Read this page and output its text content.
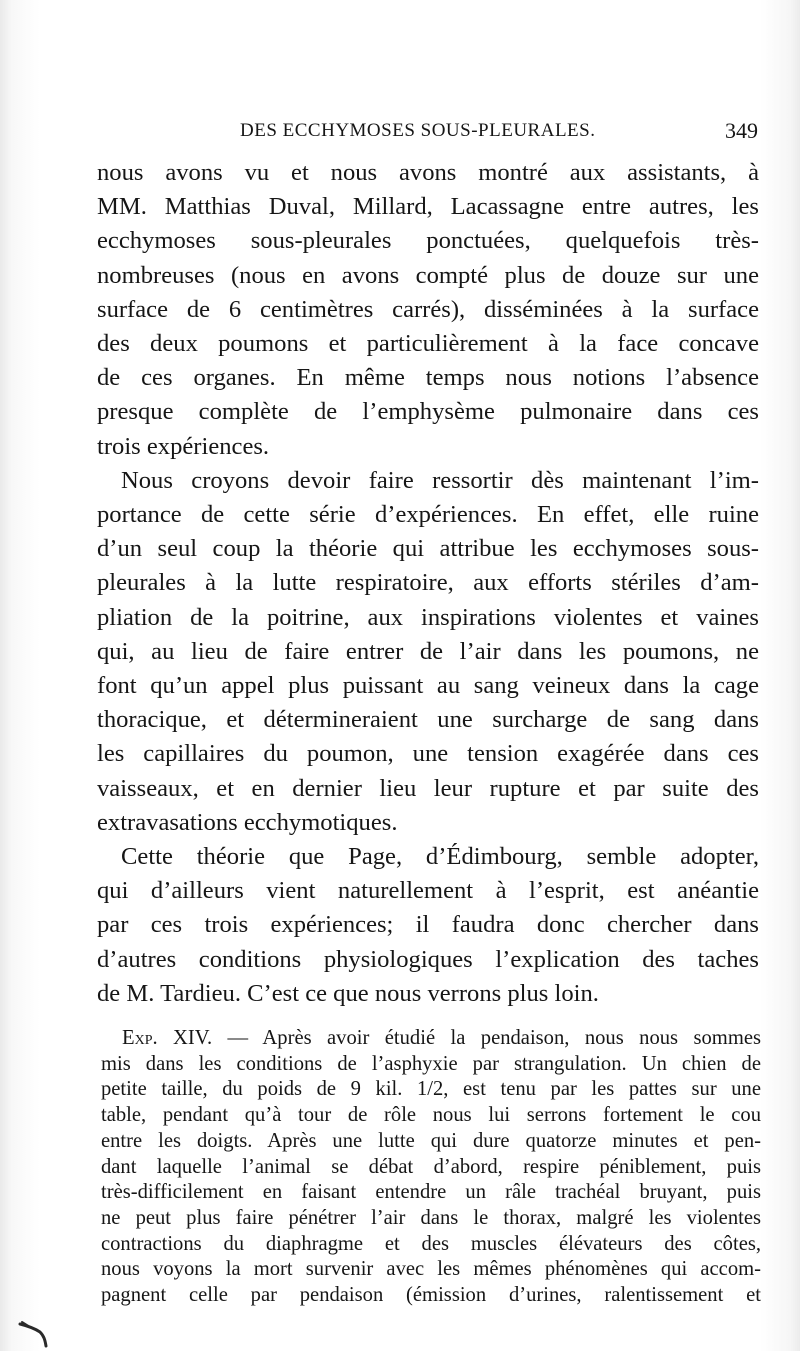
DES ECCHYMOSES SOUS-PLEURALES.	349
nous avons vu et nous avons montré aux assistants, à
MM. Matthias Duval, Millard, Lacassagne entre autres, les
ecchymoses sous-pleurales ponctuées, quelquefois très-
nombreuses (nous en avons compté plus de douze sur une
surface de 6 centimètres carrés), disséminées à la surface
des deux poumons et particulièrement à la face concave
de ces organes. En même temps nous notions l’absence
presque complète de l’emphysème pulmonaire dans ces
trois expériences.
Nous croyons devoir faire ressortir dès maintenant l’im-
portance de cette série d’expériences. En effet, elle ruine
d’un seul coup la théorie qui attribue les ecchymoses sous-
pleurales à la lutte respiratoire, aux efforts stériles d’am-
pliation de la poitrine, aux inspirations violentes et vaines
qui, au lieu de faire entrer de l’air dans les poumons, ne
font qu’un appel plus puissant au sang veineux dans la cage
thoracique, et détermineraient une surcharge de sang dans
les capillaires du poumon, une tension exagérée dans ces
vaisseaux, et en dernier lieu leur rupture et par suite des
extravasations ecchymotiques.
Cette théorie que Page, d’Édimbourg, semble adopter,
qui d’ailleurs vient naturellement à l’esprit, est anéantie
par ces trois expériences; il faudra donc chercher dans
d’autres conditions physiologiques l’explication des taches
de M. Tardieu. C’est ce que nous verrons plus loin.
Exp. XIV. — Après avoir étudié la pendaison, nous nous sommes
mis dans les conditions de l’asphyxie par strangulation. Un chien de
petite taille, du poids de 9 kil. 1/2, est tenu par les pattes sur une
table, pendant qu’à tour de rôle nous lui serrons fortement le cou
entre les doigts. Après une lutte qui dure quatorze minutes et pen-
dant laquelle l’animal se débat d’abord, respire péniblement, puis
très-difficilement en faisant entendre un râle trachéal bruyant, puis
ne peut plus faire pénétrer l’air dans le thorax, malgré les violentes
contractions du diaphragme et des muscles élévateurs des côtes,
nous voyons la mort survenir avec les mêmes phénomènes qui accom-
pagnent celle par pendaison (émission d’urines, ralentissement et
